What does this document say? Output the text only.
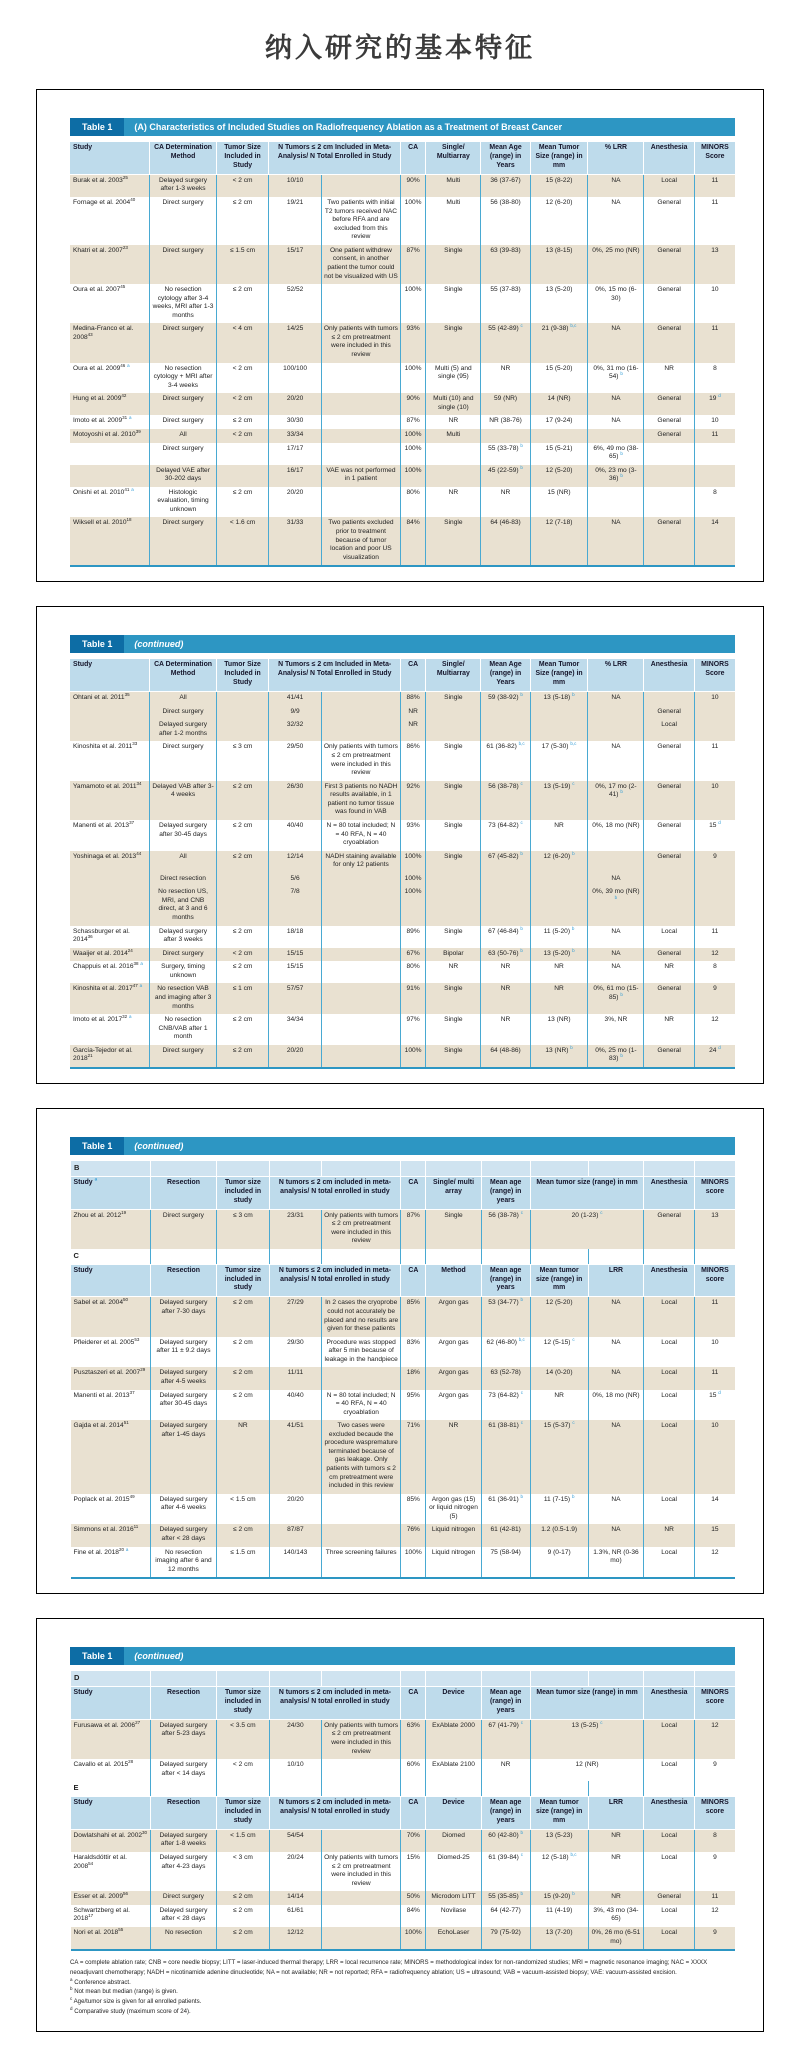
纳入研究的基本特征
Table 1	(A) Characteristics of Included Studies on Radiofrequency Ablation as a Treatment of Breast Cancer
Study	CA Determination Method	Tumor Size Included in Study	N Tumors ≤ 2 cm Included in Meta-Analysis/ N Total Enrolled in Study		CA	Single/ Multiarray	Mean Age (range) in Years	Mean Tumor Size (range) in mm	% LRR	Anesthesia	MINORS Score
Burak et al. 2003$^{25}$	Delayed surgery after 1-3 weeks	< 2 cm	10/10		90%	Multi	36 (37-67)	15 (8-22)	NA	Local	11
Fornage et al. 2004$^{40}$	Direct surgery	≤ 2 cm	19/21	Two patients with initial T2 tumors received NAC before RFA and are excluded from this review	100%	Multi	56 (38-80)	12 (6-20)	NA	General	11
Khatri et al. 2007$^{23}$	Direct surgery	≤ 1.5 cm	15/17	One patient withdrew consent, in another patient the tumor could not be visualized with US	87%	Single	63 (39-83)	13 (8-15)	0%, 25 mo (NR)	General	13
Oura et al. 2007$^{45}$	No resection cytology after 3-4 weeks, MRI after 1-3 months	≤ 2 cm	52/52		100%	Single	55 (37-83)	13 (5-20)	0%, 15 mo (6-30)	General	10
Medina-Franco et al. 2008$^{43}$	Direct surgery	< 4 cm	14/25	Only patients with tumors ≤ 2 cm pretreatment were included in this review	93%	Single	55 (42-89) $^c$	21 (9-38) $^{b,c}$	NA	General	11
Oura et al. 2009$^{46}$ $^a$	No resection cytology + MRI after 3-4 weeks	< 2 cm	100/100		100%	Multi (5) and single (95)	NR	15 (5-20)	0%, 31 mo (16-54) $^b$	NR	8
Hung et al. 2009$^{42}$	Direct surgery	< 2 cm	20/20		90%	Multi (10) and single (10)	59 (NR)	14 (NR)	NA	General	19 $^d$
Imoto et al. 2009$^{31}$ $^a$	Direct surgery	≤ 2 cm	30/30		87%	NR	NR (38-76)	17 (9-24)	NA	General	10
Motoyoshi et al. 2010$^{39}$	All	< 2 cm	33/34		100%	Multi				General	11
	Direct surgery		17/17		100%		55 (33-78) $^b$	15 (5-21)	6%, 49 mo (38-65) $^b$		
	Delayed VAE after 30-202 days		16/17	VAE was not performed in 1 patient	100%		45 (22-59) $^b$	12 (5-20)	0%, 23 mo (3-36) $^b$		
Onishi et al. 2010$^{41}$ $^a$	Histologic evaluation, timing unknown	≤ 2 cm	20/20		80%	NR	NR	15 (NR)			8
Wiksell et al. 2010$^{18}$	Direct surgery	< 1.6 cm	31/33	Two patients excluded prior to treatment because of tumor location and poor US visualization	84%	Single	64 (46-83)	12 (7-18)	NA	General	14
Table 1	(continued)
Study	CA Determination Method	Tumor Size Included in Study	N Tumors ≤ 2 cm Included in Meta-Analysis/ N Total Enrolled in Study		CA	Single/ Multiarray	Mean Age (range) in Years	Mean Tumor Size (range) in mm	% LRR	Anesthesia	MINORS Score
Ohtani et al. 2011$^{35}$	All		41/41		88%	Single	59 (38-92) $^b$	13 (5-18) $^b$	NA		10
	Direct surgery		9/9		NR					General	
	Delayed surgery after 1-2 months		32/32		NR					Local	
Kinoshita et al. 2011$^{33}$	Direct surgery	≤ 3 cm	29/50	Only patients with tumors ≤ 2 cm pretreatment were included in this review	86%	Single	61 (36-82) $^{b,c}$	17 (5-30) $^{b,c}$	NA	General	11
Yamamoto et al. 2011$^{34}$	Delayed VAB after 3-4 weeks	≤ 2 cm	26/30	First 3 patients no NADH results available, in 1 patient no tumor tissue was found in VAB	92%	Single	56 (38-78) $^c$	13 (5-19) $^c$	0%, 17 mo (2-41) $^b$	General	10
Manenti et al. 2013$^{37}$	Delayed surgery after 30-45 days	≤ 2 cm	40/40	N = 80 total included; N = 40 RFA, N = 40 cryoablation	93%	Single	73 (64-82) $^c$	NR	0%, 18 mo (NR)	General	15 $^d$
Yoshinaga et al. 2013$^{44}$	All	≤ 2 cm	12/14	NADH staining available for only 12 patients	100%	Single	67 (45-82) $^b$	12 (6-20) $^b$		General	9
	Direct resection		5/6		100%				NA		
	No resection US, MRI, and CNB direct, at 3 and 6 months		7/8		100%				0%, 39 mo (NR) $^b$		
Schassburger et al. 2014$^{36}$	Delayed surgery after 3 weeks	≤ 2 cm	18/18		89%	Single	67 (46-84) $^b$	11 (5-20) $^b$	NA	Local	11
Waaijer et al. 2014$^{24}$	Direct surgery	< 2 cm	15/15		67%	Bipolar	63 (50-76) $^b$	13 (5-20) $^b$	NA	General	12
Chappuis et al. 2016$^{38}$ $^a$	Surgery, timing unknown	≤ 2 cm	15/15		80%	NR	NR	NR	NA	NR	8
Kinoshita et al. 2017$^{47}$ $^a$	No resection VAB and imaging after 3 months	≤ 1 cm	57/57		91%	Single	NR	NR	0%, 61 mo (15-85) $^b$	General	9
Imoto et al. 2017$^{32}$ $^a$	No resection CNB/VAB after 1 month	≤ 2 cm	34/34		97%	Single	NR	13 (NR)	3%, NR	NR	12
García-Tejedor et al. 2018$^{21}$	Direct surgery	≤ 2 cm	20/20		100%	Single	64 (48-86)	13 (NR) $^b$	0%, 25 mo (1-83) $^b$	General	24 $^d$
Table 1	(continued)
B											
Study $^a$	Resection	Tumor size included in study	N tumors ≤ 2 cm included in meta-analysis/ N total enrolled in study		CA	Single/ multi array	Mean age (range) in years	Mean tumor size (range) in mm		Anesthesia	MINORS score
Zhou et al. 2012$^{19}$	Direct surgery	≤ 3 cm	23/31	Only patients with tumors ≤ 2 cm pretreatment were included in this review	87%	Single	56 (38-78) $^c$	20 (1-23) $^c$		General	13
C											
Study	Resection	Tumor size included in study	N tumors ≤ 2 cm included in meta-analysis/ N total enrolled in study		CA	Method	Mean age (range) in years	Mean tumor size (range) in mm	LRR	Anesthesia	MINORS score
Sabel et al. 2004$^{50}$	Delayed surgery after 7-30 days	≤ 2 cm	27/29	In 2 cases the cryoprobe could not accurately be placed and no results are given for these patients	85%	Argon gas	53 (34-77) $^b$	12 (5-20)	NA	Local	11
Pfleiderer et al. 2005$^{53}$	Delayed surgery after 11 ± 9.2 days	≤ 2 cm	29/30	Procedure was stopped after 5 min because of leakage in the handpiece	83%	Argon gas	62 (46-80) $^{b,c}$	12 (5-15) $^c$	NA	Local	10
Pusztaszeri et al. 2007$^{29}$	Delayed surgery after 4-5 weeks	≤ 2 cm	11/11		18%	Argon gas	63 (52-78)	14 (0-20)	NA	Local	11
Manenti et al. 2013$^{37}$	Delayed surgery after 30-45 days	≤ 2 cm	40/40	N = 80 total included; N = 40 RFA, N = 40 cryoablation	95%	Argon gas	73 (64-82) $^c$	NR	0%, 18 mo (NR)	Local	15 $^d$
Gajda et al. 2014$^{51}$	Delayed surgery after 1-45 days	NR	41/51	Two cases were excluded becaude the procedure waspremature terminated because of gas leakage. Only patients with tumors ≤ 2 cm pretreatment were included in this review	71%	NR	61 (38-81) $^c$	15 (5-37) $^c$	NA	Local	10
Poplack et al. 2015$^{49}$	Delayed surgery after 4-6 weeks	< 1.5 cm	20/20		85%	Argon gas (15) or liquid nitrogen (5)	61 (36-91) $^b$	11 (7-15) $^b$	NA	Local	14
Simmons et al. 2016$^{11}$	Delayed surgery after < 28 days	≤ 2 cm	87/87		76%	Liquid nitrogen	61 (42-81)	1.2 (0.5-1.9)	NA	NR	15
Fine et al. 2018$^{20}$ $^a$	No resection imaging after 6 and 12 months	≤ 1.5 cm	140/143	Three screening failures	100%	Liquid nitrogen	75 (58-94)	9 (0-17)	1.3%, NR (0-36 mo)	Local	12
Table 1	(continued)
D											
Study	Resection	Tumor size included in study	N tumors ≤ 2 cm included in meta-analysis/ N total enrolled in study		CA	Device	Mean age (range) in years	Mean tumor size (range) in mm		Anesthesia	MINORS score
Furusawa et al. 2006$^{27}$	Delayed surgery after 5-23 days	< 3.5 cm	24/30	Only patients with tumors ≤ 2 cm pretreatment were included in this review	63%	ExAblate 2000	67 (41-79) $^c$	13 (5-25) $^c$		Local	12
Cavallo et al. 2015$^{28}$	Delayed surgery after < 14 days	< 2 cm	10/10		60%	ExAblate 2100	NR	12 (NR)		Local	9
E											
Study	Resection	Tumor size included in study	N tumors ≤ 2 cm included in meta-analysis/ N total enrolled in study		CA	Device	Mean age (range) in years	Mean tumor size (range) in mm	LRR	Anesthesia	MINORS score
Dowlatshahi et al. 2002$^{30}$	Delayed surgery after 1-8 weeks	< 1.5 cm	54/54		70%	Diomed	60 (42-80) $^b$	13 (5-23)	NR	Local	8
Haraldsdóttir et al. 2008$^{54}$	Delayed surgery after 4-23 days	< 3 cm	20/24	Only patients with tumors ≤ 2 cm pretreatment were included in this review	15%	Diomed-25	61 (39-84) $^c$	12 (5-18) $^{b,c}$	NR	Local	9
Esser et al. 2009$^{56}$	Direct surgery	≤ 2 cm	14/14		50%	Microdom LITT	55 (35-85) $^b$	15 (9-20) $^b$	NR	General	11
Schwartzberg et al. 2018$^{17}$	Delayed surgery after < 28 days	≤ 2 cm	61/61		84%	Novilase	64 (42-77)	11 (4-19)	3%, 43 mo (34-65)	Local	12
Nori et al. 2018$^{55}$	No resection	≤ 2 cm	12/12		100%	EchoLaser	79 (75-92)	13 (7-20)	0%, 26 mo (6-51 mo)	Local	9
CA = complete ablation rate; CNB = core needle biopsy; LITT = laser-induced thermal therapy; LRR = local recurrence rate; MINORS = methodological index for non-randomized studies; MRI = magnetic resonance imaging; NAC = XXXX neoadjuvant chemotherapy; NADH = nicotinamide adenine dinucleotide; NA = not available; NR = not reported; RFA = radiofrequency ablation; US = ultrasound; VAB = vacuum-assisted biopsy; VAE: vacuum-assisted excision.
$^a$ Conference abstract.
$^b$ Not mean but median (range) is given.
$^c$ Age/tumor size is given for all enrolled patients.
$^d$ Comparative study (maximum score of 24).
